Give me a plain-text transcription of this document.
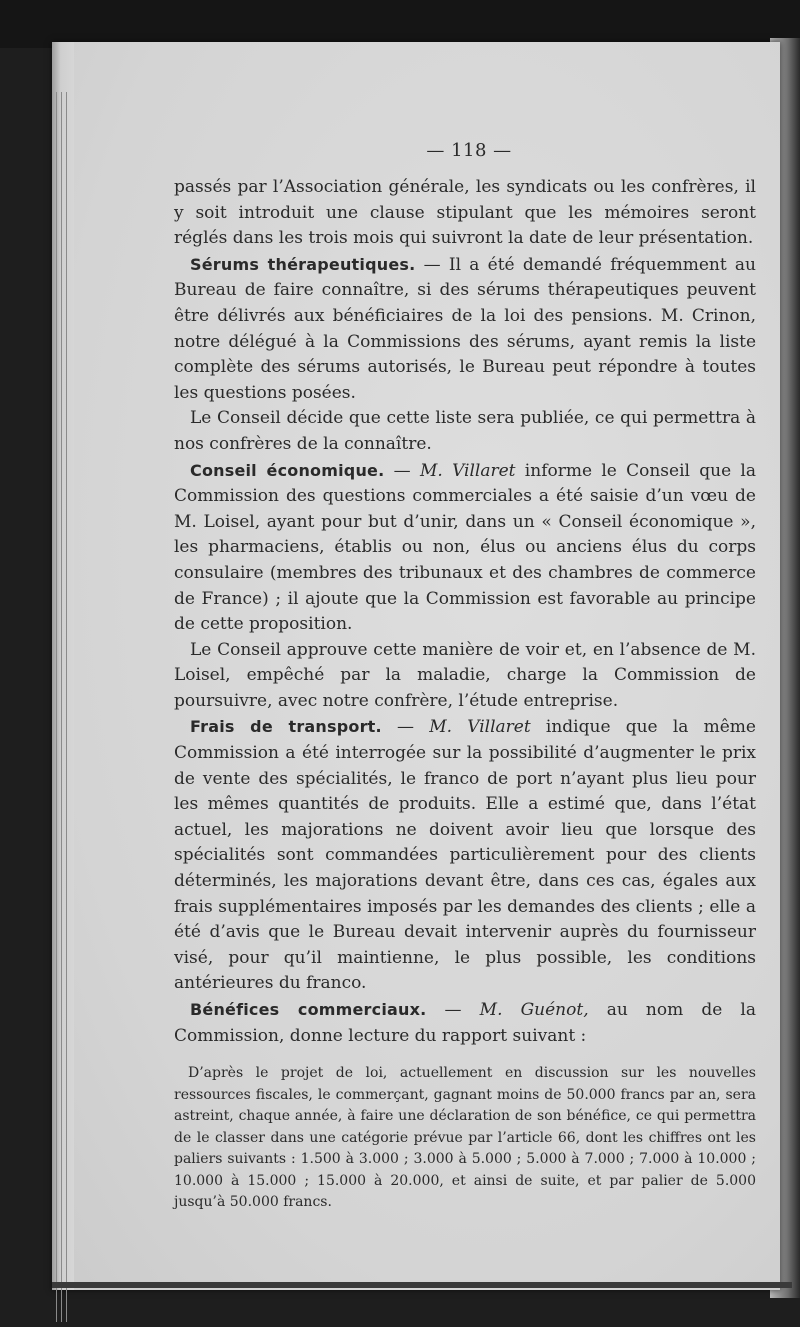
— 118 —

passés par l’Association générale, les syndicats ou les confrères, il y soit introduit une clause stipulant que les mémoires seront réglés dans les trois mois qui suivront la date de leur présentation.

Sérums thérapeutiques. — Il a été demandé fréquemment au Bureau de faire connaître, si des sérums thérapeutiques peuvent être délivrés aux bénéficiaires de la loi des pensions. M. Crinon, notre délégué à la Commissions des sérums, ayant remis la liste complète des sérums autorisés, le Bureau peut répondre à toutes les questions posées.

Le Conseil décide que cette liste sera publiée, ce qui permettra à nos confrères de la connaître.

Conseil économique. — M. Villaret informe le Conseil que la Commission des questions commerciales a été saisie d’un vœu de M. Loisel, ayant pour but d’unir, dans un « Conseil économique », les pharmaciens, établis ou non, élus ou anciens élus du corps consulaire (membres des tribunaux et des chambres de commerce de France) ; il ajoute que la Commission est favorable au principe de cette proposition.

Le Conseil approuve cette manière de voir et, en l’absence de M. Loisel, empêché par la maladie, charge la Commission de poursuivre, avec notre confrère, l’étude entreprise.

Frais de transport. — M. Villaret indique que la même Commission a été interrogée sur la possibilité d’augmenter le prix de vente des spécialités, le franco de port n’ayant plus lieu pour les mêmes quantités de produits. Elle a estimé que, dans l’état actuel, les majorations ne doivent avoir lieu que lorsque des spécialités sont commandées particulièrement pour des clients déterminés, les majorations devant être, dans ces cas, égales aux frais supplémentaires imposés par les demandes des clients ; elle a été d’avis que le Bureau devait intervenir auprès du fournisseur visé, pour qu’il maintienne, le plus possible, les conditions antérieures du franco.

Bénéfices commerciaux. — M. Guénot, au nom de la Commission, donne lecture du rapport suivant :

D’après le projet de loi, actuellement en discussion sur les nouvelles ressources fiscales, le commerçant, gagnant moins de 50.000 francs par an, sera astreint, chaque année, à faire une déclaration de son bénéfice, ce qui permettra de le classer dans une catégorie prévue par l’article 66, dont les chiffres ont les paliers suivants : 1.500 à 3.000 ; 3.000 à 5.000 ; 5.000 à 7.000 ; 7.000 à 10.000 ; 10.000 à 15.000 ; 15.000 à 20.000, et ainsi de suite, et par palier de 5.000 jusqu’à 50.000 francs.
